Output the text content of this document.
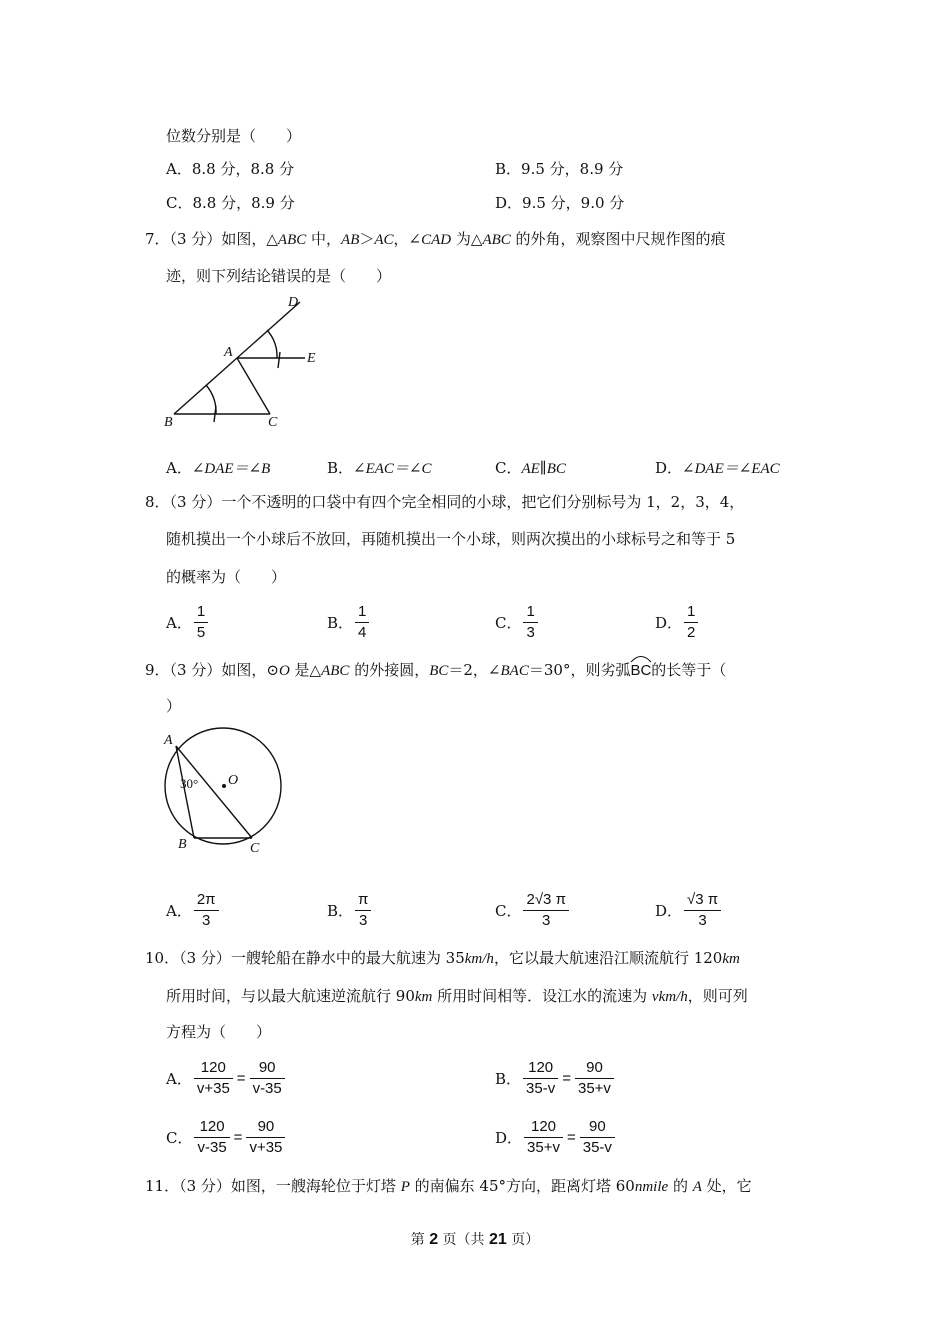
位数分别是（　　）
A．8.8 分，8.8 分	B．9.5 分，8.9 分
C．8.8 分，8.9 分	D．9.5 分，9.0 分
7．（3 分）如图，△ABC 中，AB＞AC，∠CAD 为△ABC 的外角，观察图中尺规作图的痕
迹，则下列结论错误的是（　　）
D
A	E
B	C
A．∠DAE＝∠B	B．∠EAC＝∠C	C．AE∥BC	D．∠DAE＝∠EAC
8．（3 分）一个不透明的口袋中有四个完全相同的小球，把它们分别标号为 1，2，3，4，
随机摸出一个小球后不放回，再随机摸出一个小球，则两次摸出的小球标号之和等于 5
的概率为（　　）
A． $\frac{1}{5}$	B． $\frac{1}{4}$	C． $\frac{1}{3}$	D． $\frac{1}{2}$
9．（3 分）如图，⊙O 是△ABC 的外接圆，BC＝2，∠BAC＝30°，则劣弧
BC的长等于（
）
A
30° O
B	C
A． $\frac{2\pi}{3}$	B． $\frac{\pi}{3}$	C． $\frac{2√3 \pi}{3}$	D． $\frac{√3 \pi}{3}$
10．（3 分）一艘轮船在静水中的最大航速为 35km/h，它以最大航速沿江顺流航行 120km
所用时间，与以最大航速逆流航行 90km 所用时间相等．设江水的流速为 vkm/h，则可列
方程为（　　）
A． $\frac{120}{v+35} = \frac{90}{v-35}$	B． $\frac{120}{35-v} = \frac{90}{35+v}$
C． $\frac{120}{v-35} = \frac{90}{v+35}$	D． $\frac{120}{35+v} = \frac{90}{35-v}$
11．（3 分）如图，一艘海轮位于灯塔 P 的南偏东 45°方向，距离灯塔 60nmile 的 A 处，它
第 2 页（共 21 页）
